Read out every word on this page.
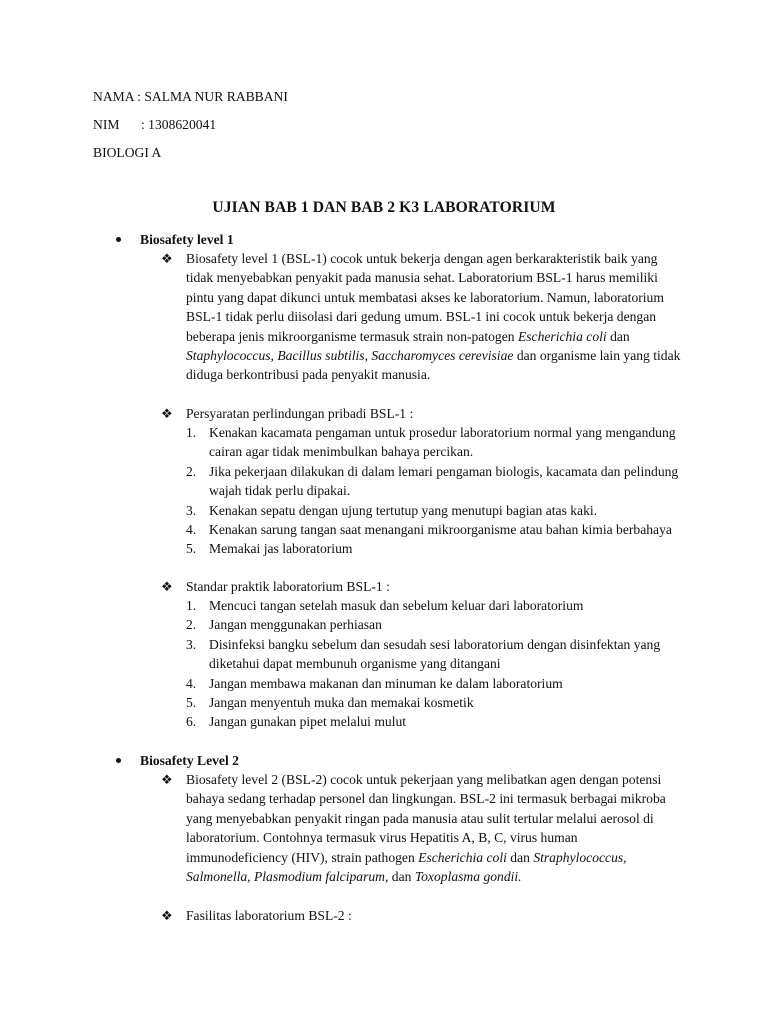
NAMA : SALMA NUR RABBANI
NIM : 1308620041
BIOLOGI A
UJIAN BAB 1 DAN BAB 2 K3 LABORATORIUM
Biosafety level 1
❖ Biosafety level 1 (BSL-1) cocok untuk bekerja dengan agen berkarakteristik baik yang tidak menyebabkan penyakit pada manusia sehat. Laboratorium BSL-1 harus memiliki pintu yang dapat dikunci untuk membatasi akses ke laboratorium. Namun, laboratorium BSL-1 tidak perlu diisolasi dari gedung umum. BSL-1 ini cocok untuk bekerja dengan beberapa jenis mikroorganisme termasuk strain non-patogen Escherichia coli dan Staphylococcus, Bacillus subtilis, Saccharomyces cerevisiae dan organisme lain yang tidak diduga berkontribusi pada penyakit manusia.
❖ Persyaratan perlindungan pribadi BSL-1 :
1. Kenakan kacamata pengaman untuk prosedur laboratorium normal yang mengandung cairan agar tidak menimbulkan bahaya percikan.
2. Jika pekerjaan dilakukan di dalam lemari pengaman biologis, kacamata dan pelindung wajah tidak perlu dipakai.
3. Kenakan sepatu dengan ujung tertutup yang menutupi bagian atas kaki.
4. Kenakan sarung tangan saat menangani mikroorganisme atau bahan kimia berbahaya
5. Memakai jas laboratorium
❖ Standar praktik laboratorium BSL-1 :
1. Mencuci tangan setelah masuk dan sebelum keluar dari laboratorium
2. Jangan menggunakan perhiasan
3. Disinfeksi bangku sebelum dan sesudah sesi laboratorium dengan disinfektan yang diketahui dapat membunuh organisme yang ditangani
4. Jangan membawa makanan dan minuman ke dalam laboratorium
5. Jangan menyentuh muka dan memakai kosmetik
6. Jangan gunakan pipet melalui mulut
Biosafety Level 2
❖ Biosafety level 2 (BSL-2) cocok untuk pekerjaan yang melibatkan agen dengan potensi bahaya sedang terhadap personel dan lingkungan. BSL-2 ini termasuk berbagai mikroba yang menyebabkan penyakit ringan pada manusia atau sulit tertular melalui aerosol di laboratorium. Contohnya termasuk virus Hepatitis A, B, C, virus human immunodeficiency (HIV), strain pathogen Escherichia coli dan Straphylococcus, Salmonella, Plasmodium falciparum, dan Toxoplasma gondii.
❖ Fasilitas laboratorium BSL-2 :
